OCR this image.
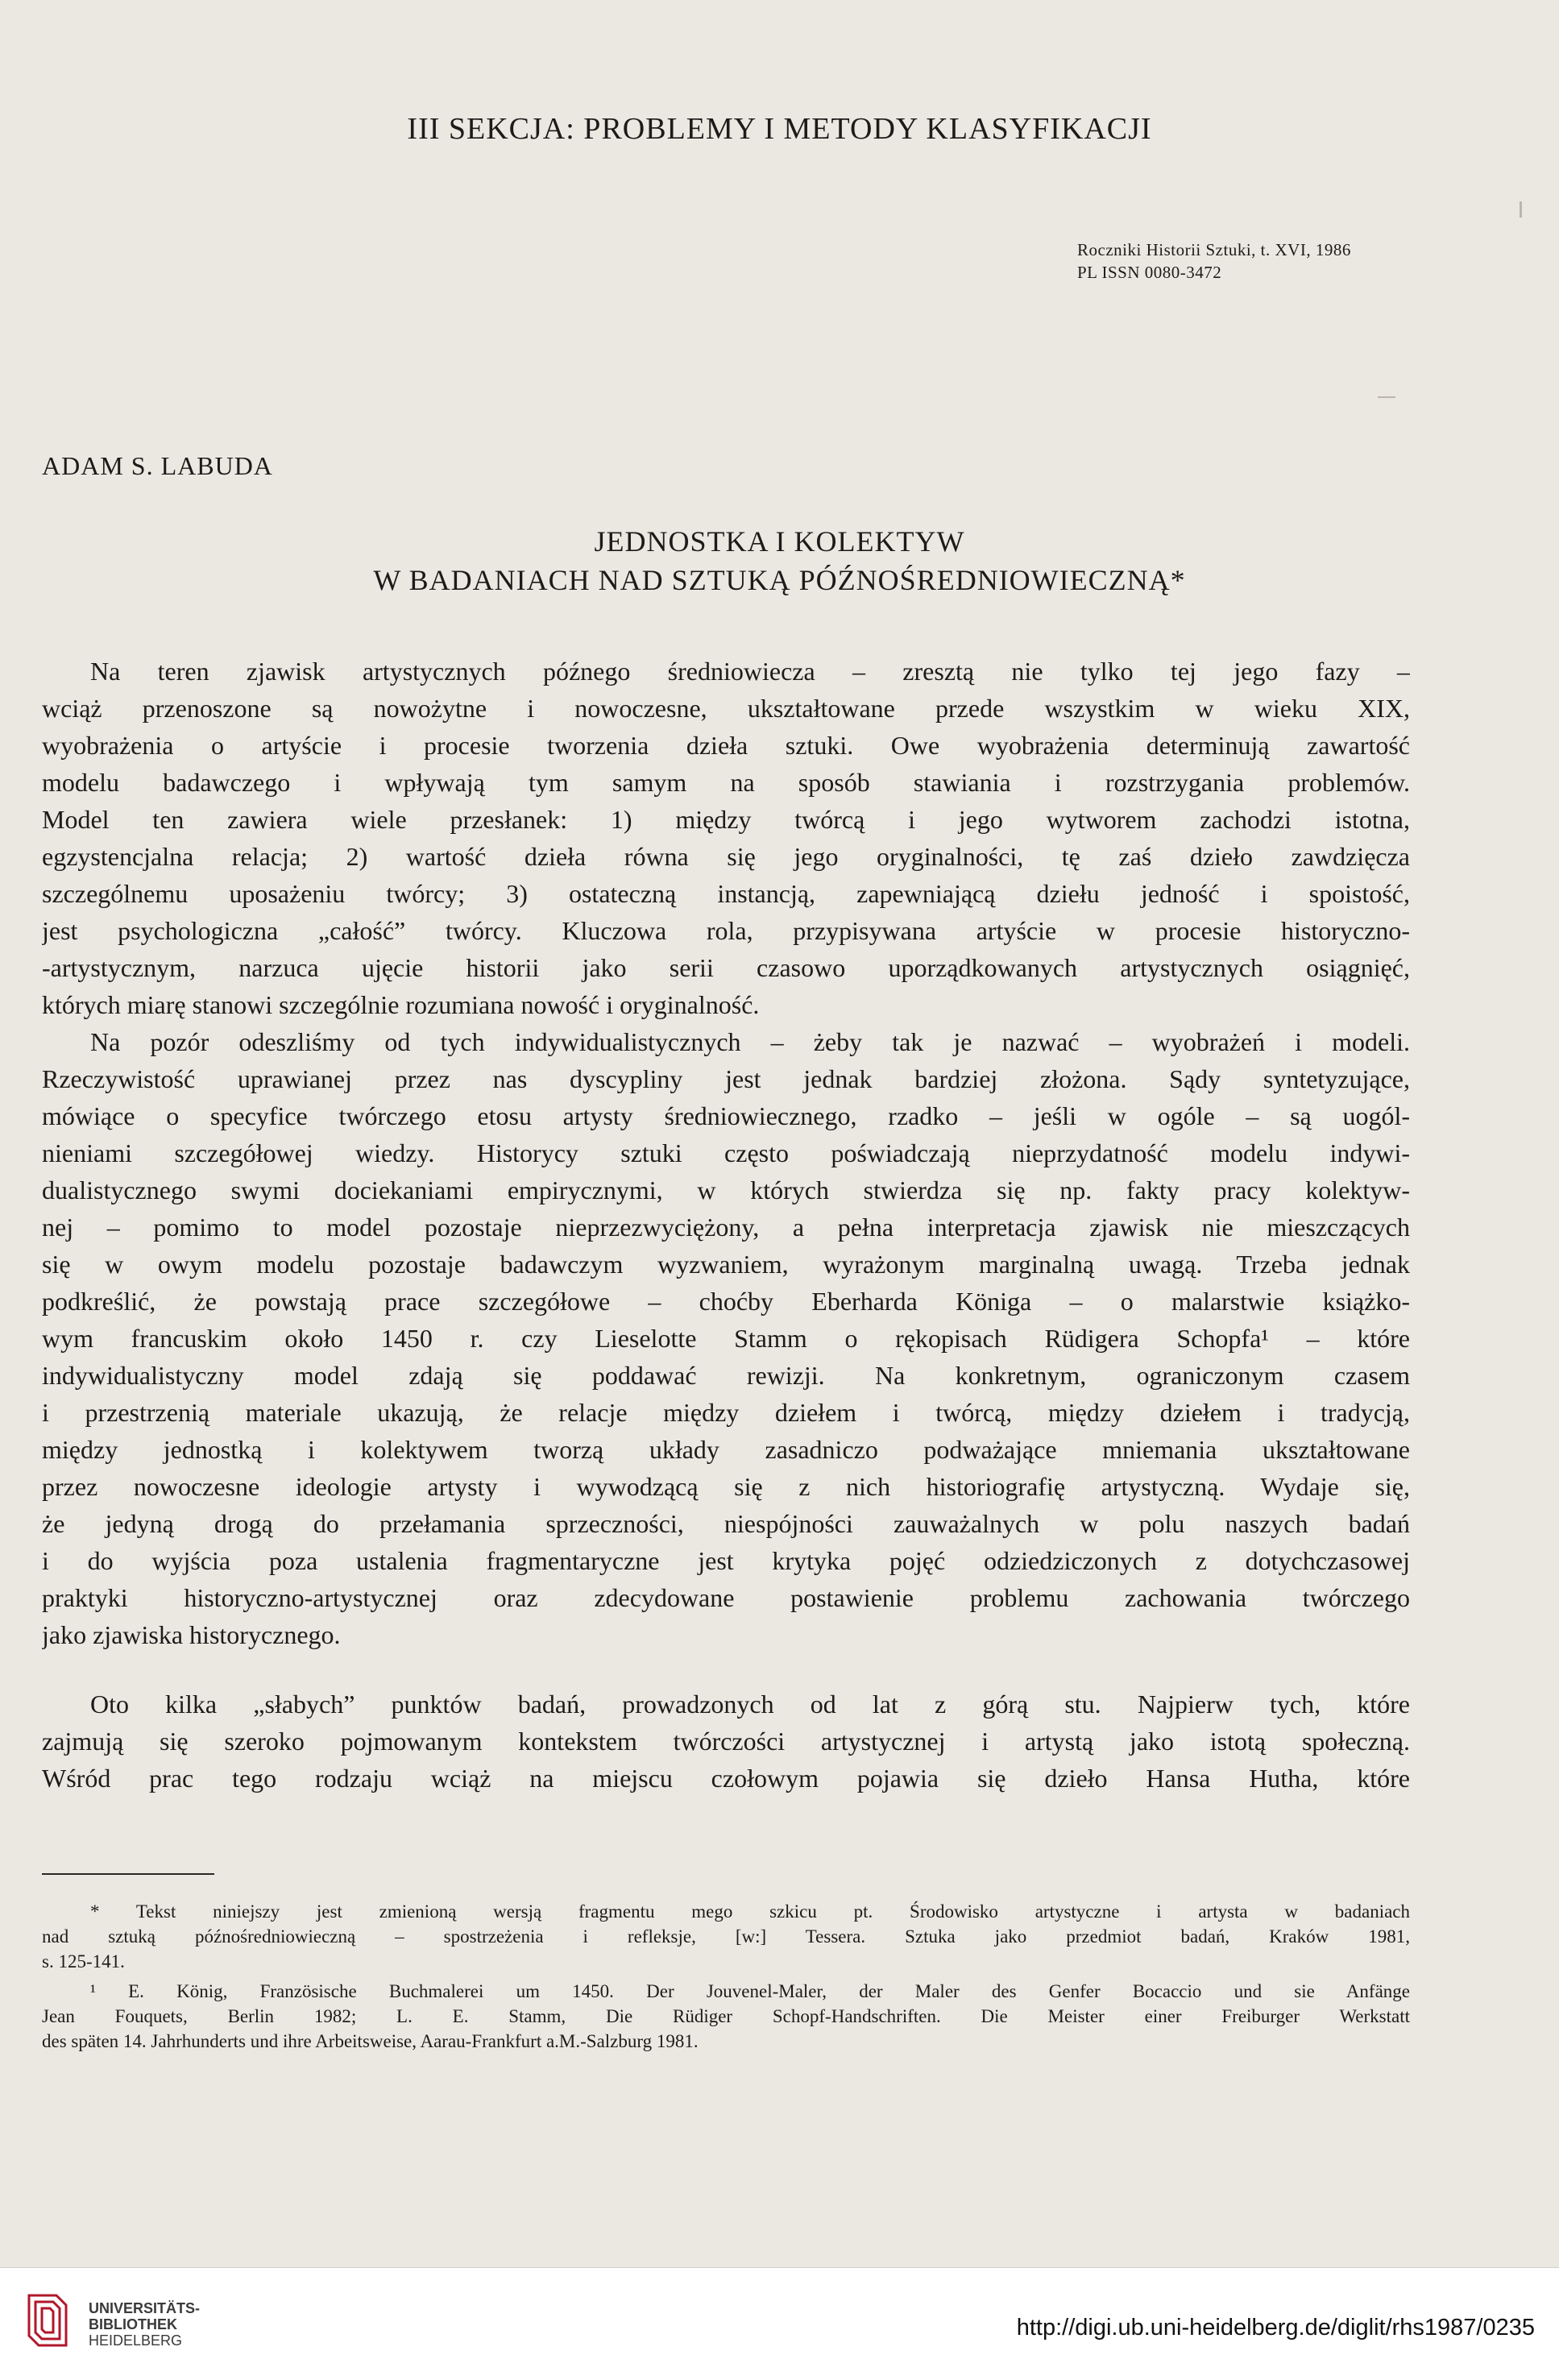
III SEKCJA: PROBLEMY I METODY KLASYFIKACJI
Roczniki Historii Sztuki, t. XVI, 1986
PL ISSN 0080-3472
ADAM S. LABUDA
JEDNOSTKA I KOLEKTYW
W BADANIACH NAD SZTUKĄ PÓŹNOŚREDNIOWIECZNĄ*
Na teren zjawisk artystycznych późnego średniowiecza – zresztą nie tylko tej jego fazy –
wciąż przenoszone są nowożytne i nowoczesne, ukształtowane przede wszystkim w wieku XIX,
wyobrażenia o artyście i procesie tworzenia dzieła sztuki. Owe wyobrażenia determinują zawartość
modelu badawczego i wpływają tym samym na sposób stawiania i rozstrzygania problemów.
Model ten zawiera wiele przesłanek: 1) między twórcą i jego wytworem zachodzi istotna,
egzystencjalna relacja; 2) wartość dzieła równa się jego oryginalności, tę zaś dzieło zawdzięcza
szczególnemu uposażeniu twórcy; 3) ostateczną instancją, zapewniającą dziełu jedność i spoistość,
jest psychologiczna „całość” twórcy. Kluczowa rola, przypisywana artyście w procesie historyczno-
-artystycznym, narzuca ujęcie historii jako serii czasowo uporządkowanych artystycznych osiągnięć,
których miarę stanowi szczególnie rozumiana nowość i oryginalność.
Na pozór odeszliśmy od tych indywidualistycznych – żeby tak je nazwać – wyobrażeń i modeli.
Rzeczywistość uprawianej przez nas dyscypliny jest jednak bardziej złożona. Sądy syntetyzujące,
mówiące o specyfice twórczego etosu artysty średniowiecznego, rzadko – jeśli w ogóle – są uogól-
nieniami szczegółowej wiedzy. Historycy sztuki często poświadczają nieprzydatność modelu indywi-
dualistycznego swymi dociekaniami empirycznymi, w których stwierdza się np. fakty pracy kolektyw-
nej – pomimo to model pozostaje nieprzezwyciężony, a pełna interpretacja zjawisk nie mieszczących
się w owym modelu pozostaje badawczym wyzwaniem, wyrażonym marginalną uwagą. Trzeba jednak
podkreślić, że powstają prace szczegółowe – choćby Eberharda Königa – o malarstwie książko-
wym francuskim około 1450 r. czy Lieselotte Stamm o rękopisach Rüdigera Schopfa¹ – które
indywidualistyczny model zdają się poddawać rewizji. Na konkretnym, ograniczonym czasem
i przestrzenią materiale ukazują, że relacje między dziełem i twórcą, między dziełem i tradycją,
między jednostką i kolektywem tworzą układy zasadniczo podważające mniemania ukształtowane
przez nowoczesne ideologie artysty i wywodzącą się z nich historiografię artystyczną. Wydaje się,
że jedyną drogą do przełamania sprzeczności, niespójności zauważalnych w polu naszych badań
i do wyjścia poza ustalenia fragmentaryczne jest krytyka pojęć odziedziczonych z dotychczasowej
praktyki historyczno-artystycznej oraz zdecydowane postawienie problemu zachowania twórczego
jako zjawiska historycznego.
Oto kilka „słabych” punktów badań, prowadzonych od lat z górą stu. Najpierw tych, które
zajmują się szeroko pojmowanym kontekstem twórczości artystycznej i artystą jako istotą społeczną.
Wśród prac tego rodzaju wciąż na miejscu czołowym pojawia się dzieło Hansa Hutha, które
* Tekst niniejszy jest zmienioną wersją fragmentu mego szkicu pt. Środowisko artystyczne i artysta w badaniach
nad sztuką późnośredniowieczną – spostrzeżenia i refleksje, [w:] Tessera. Sztuka jako przedmiot badań, Kraków 1981,
s. 125-141.
¹ E. König, Französische Buchmalerei um 1450. Der Jouvenel-Maler, der Maler des Genfer Bocaccio und sie Anfänge
Jean Fouquets, Berlin 1982; L. E. Stamm, Die Rüdiger Schopf-Handschriften. Die Meister einer Freiburger Werkstatt
des späten 14. Jahrhunderts und ihre Arbeitsweise, Aarau-Frankfurt a.M.-Salzburg 1981.
UNIVERSITÄTS-
BIBLIOTHEK
HEIDELBERG	http://digi.ub.uni-heidelberg.de/diglit/rhs1987/0235
